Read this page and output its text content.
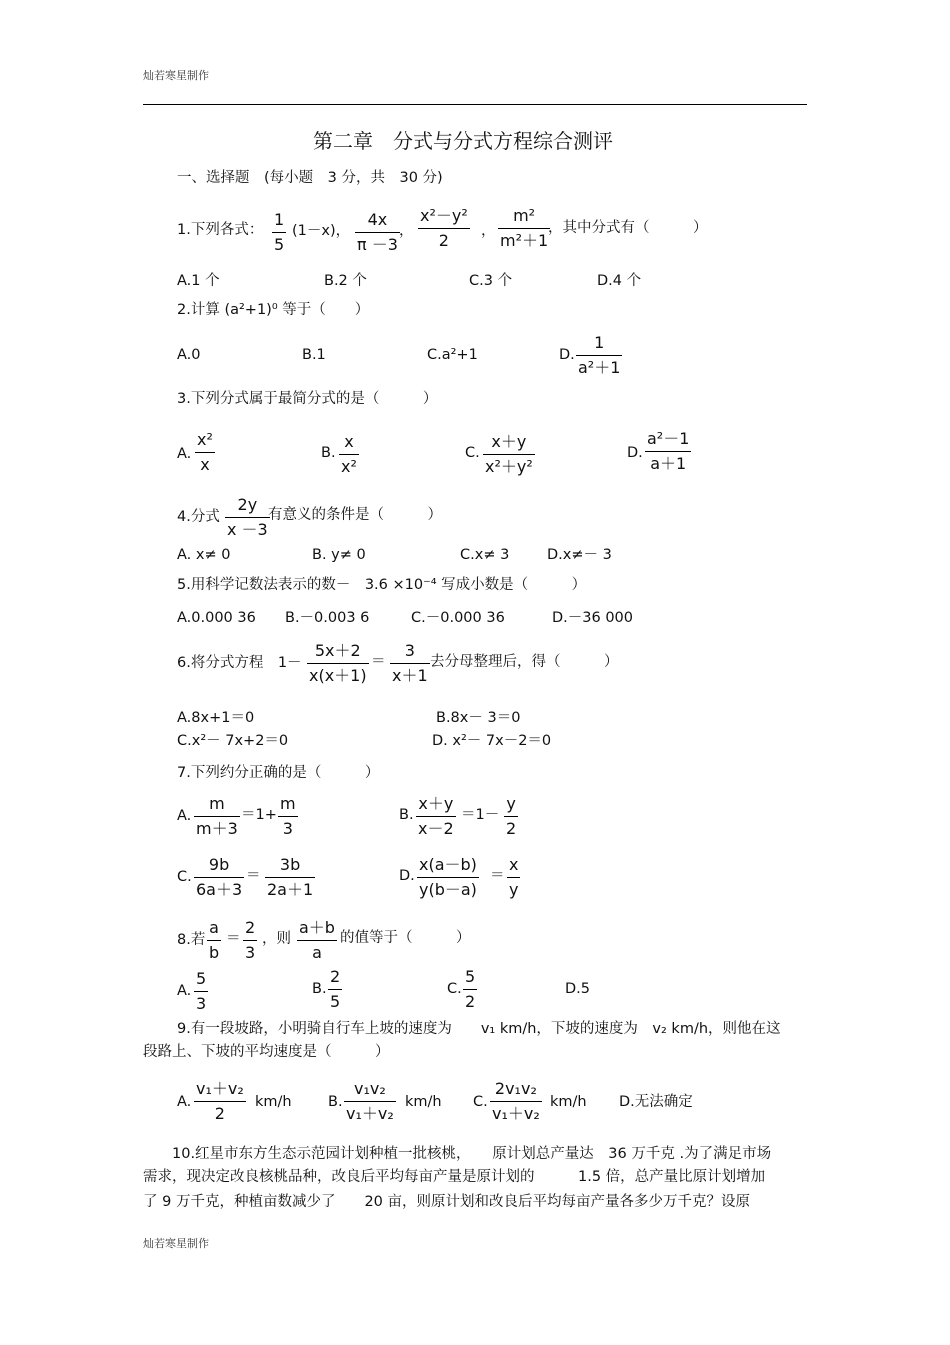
灿若寒星制作
第二章　分式与分式方程综合测评
一、选择题　(每小题　3 分，共　30 分)
1.下列各式：
1
5
(1－x)，
4x
π －3
，
x²－y²
2
，
m²
m²＋1
，其中分式有（　　　）
A.1 个	B.2 个	C.3 个	D.4 个
2.计算 (a²+1)⁰ 等于（　　）
A.0	B.1	C.a²+1	D.
1
a²＋1
3.下列分式属于最简分式的是（　　　）
A.
x²
x
B.
x
x²
C.
x＋y
x²＋y²
D.
a²－1
a＋1
4.分式
2y
x －3
有意义的条件是（　　　）
A. x≠ 0	B. y≠ 0	C.x≠ 3	D.x≠－ 3
5.用科学记数法表示的数－　3.6 ×10⁻⁴ 写成小数是（　　　）
A.0.000 36 B.－0.003 6	C.－0.000 36	D.－36 000
6.将分式方程　1－
5x＋2
x(x＋1)
＝
3
x＋1
去分母整理后，得（　　　）
A.8x+1＝0	B.8x－ 3＝0
C.x²－ 7x+2＝0	D. x²－ 7x－2＝0
7.下列约分正确的是（　　　）
A.
m
m＋3
＝1+
m
3
B.
x＋y
x－2
＝1－
y
2
C.
9b
6a＋3
＝
3b
2a＋1
D.
x(a－b)
y(b－a)
＝
x
y
8.若
a
b
＝
2
3
，则
a＋b
a
的值等于（　　　）
A.
5
3
B.
2
5
C.
5
2
D.5
9.有一段坡路，小明骑自行车上坡的速度为　　v₁ km/h，下坡的速度为　v₂ km/h，则他在这
段路上、下坡的平均速度是（　　　）
A.
v₁＋v₂
2
km/h	B.
v₁v₂
v₁＋v₂
km/h C.
2v₁v₂
v₁＋v₂
km/h D.无法确定
10.红星市东方生态示范园计划种植一批核桃，　　原计划总产量达　36 万千克 .为了满足市场
需求，现决定改良核桃品种，改良后平均每亩产量是原计划的　　　1.5 倍，总产量比原计划增加
了 9 万千克，种植亩数减少了　　20 亩，则原计划和改良后平均每亩产量各多少万千克？设原
灿若寒星制作
